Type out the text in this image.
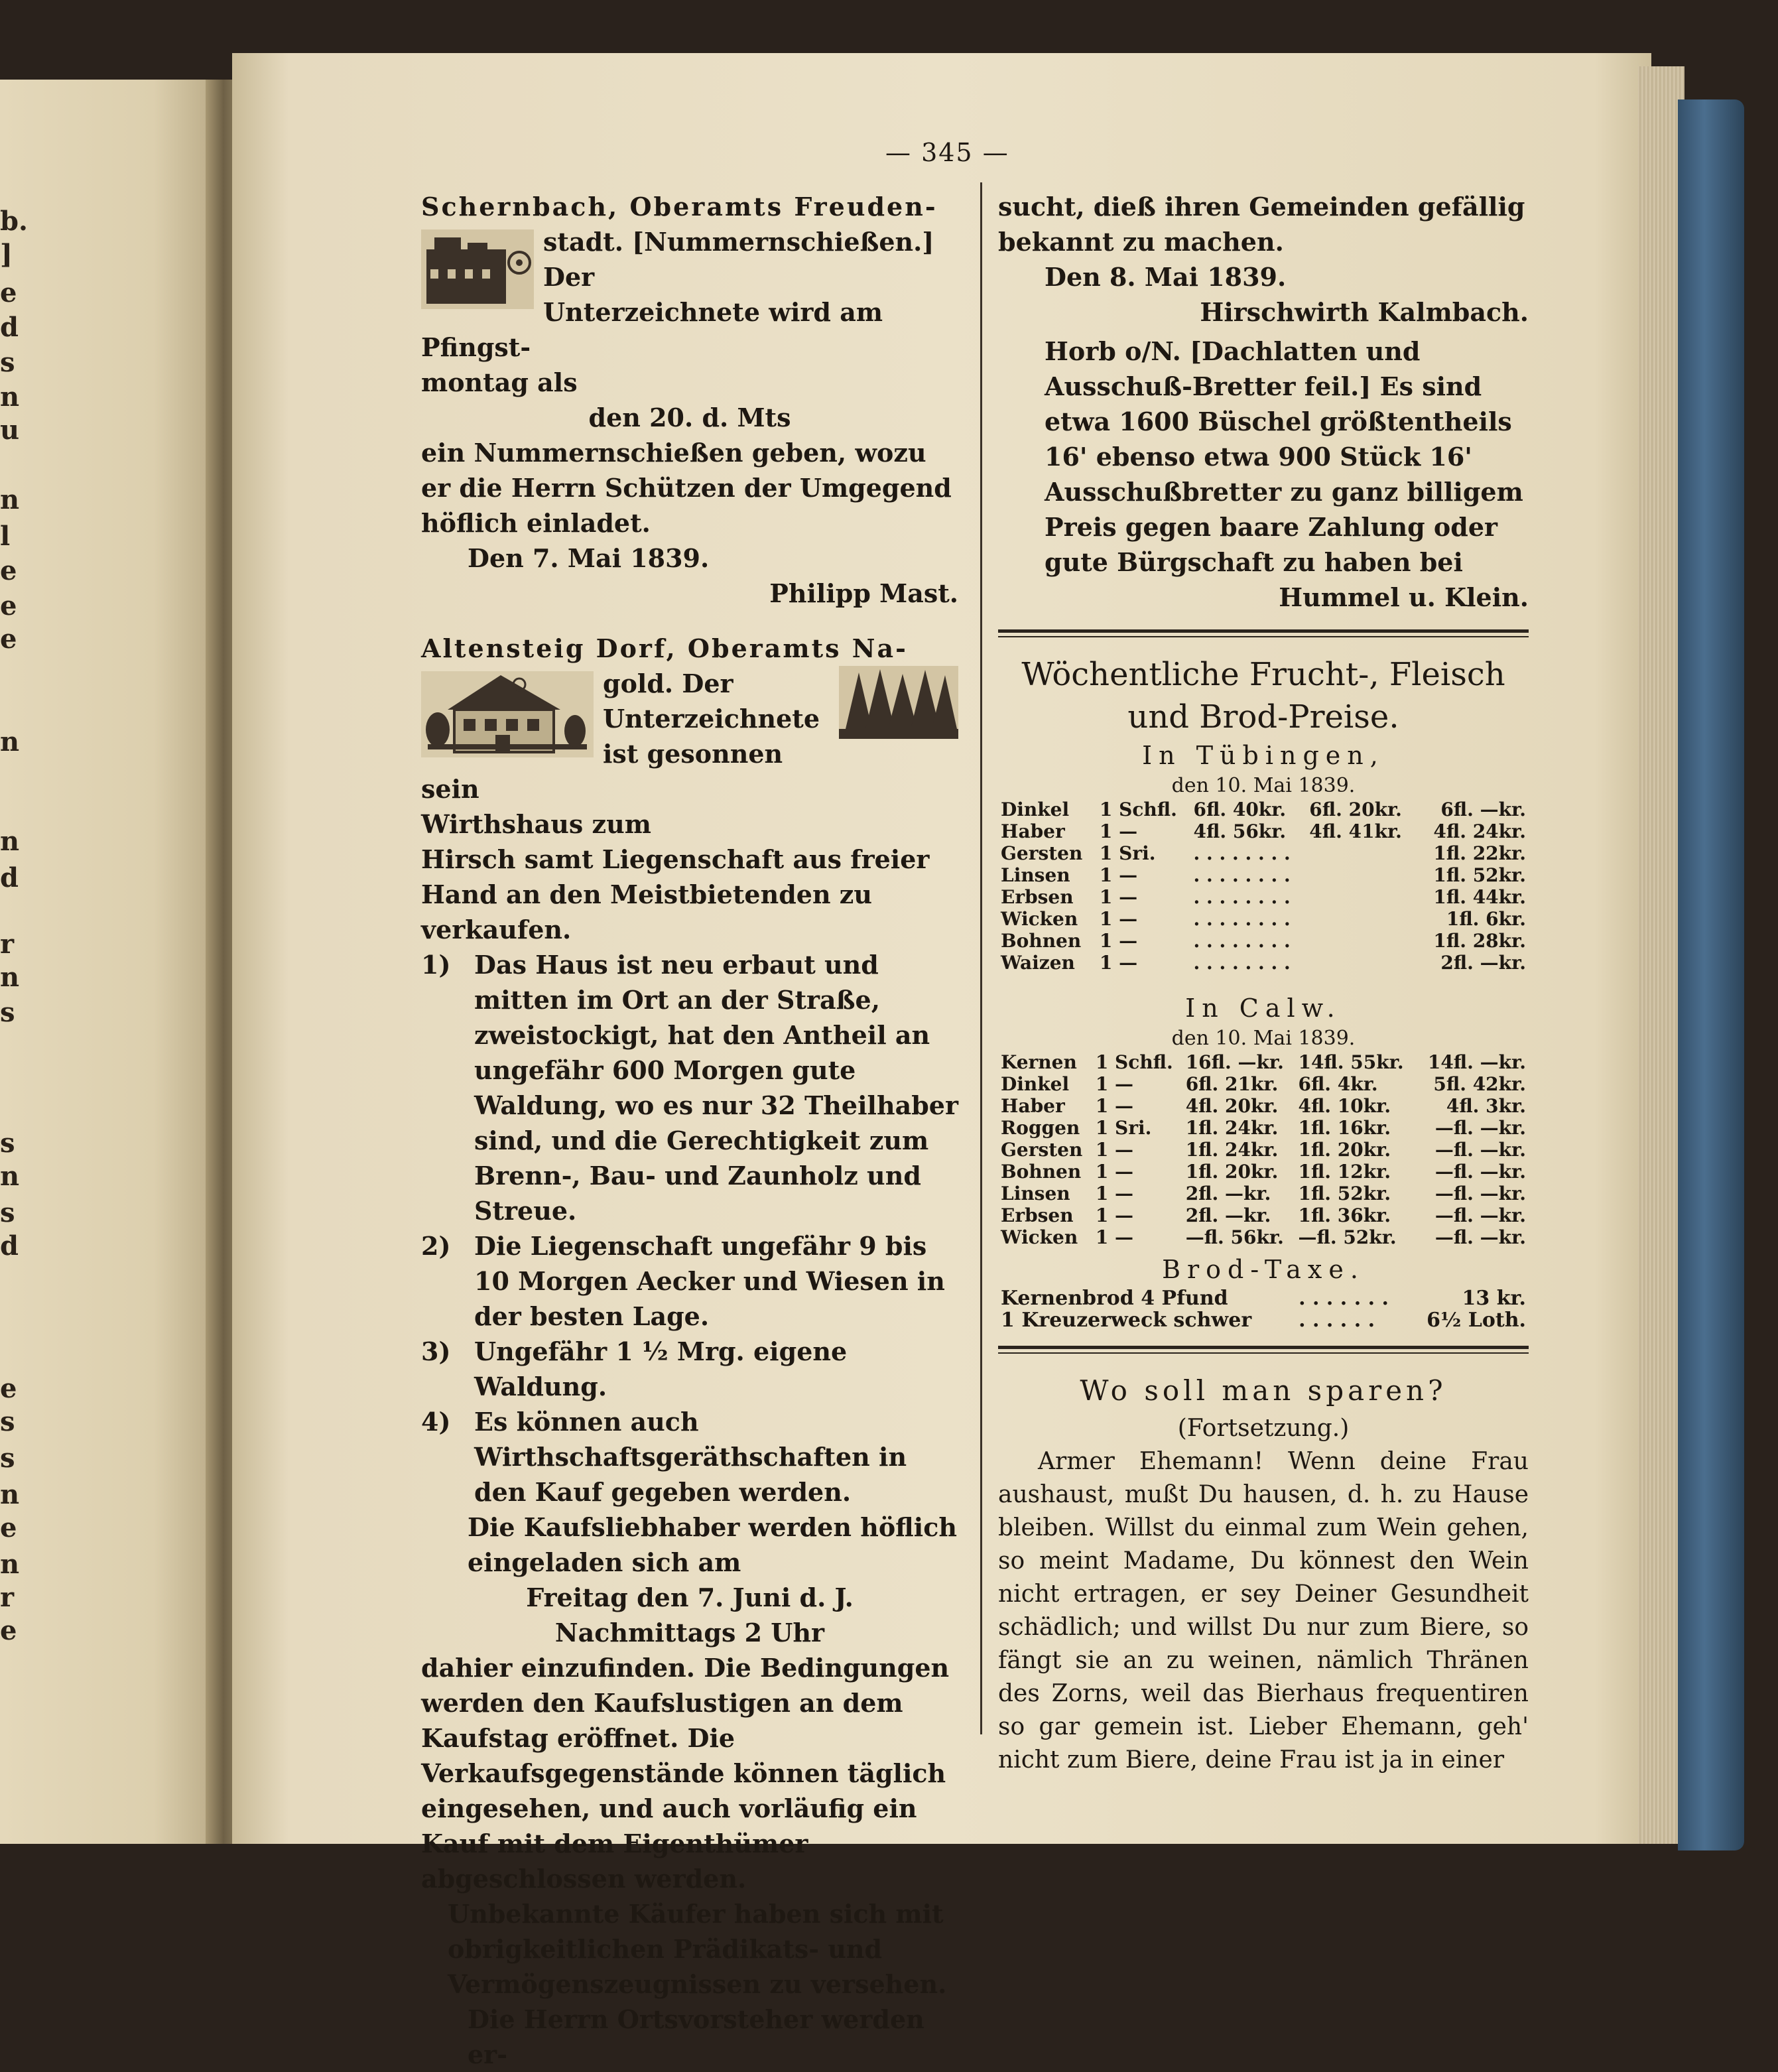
b.
]
e
d
s
n
u
n
l
e
e
e
n
n
d
r
n
s
s
n
s
d
e
s
s
n
e
n
r
e
— 345 —

Schernbach, Oberamts Freuden-

stadt. [Nummernschießen.] Der

Unterzeichnete wird am Pfingst-

montag als

den 20. d. Mts

ein Nummernschießen geben, wozu er die Herrn Schützen der Umgegend höflich einladet.

Den 7. Mai 1839.

Philipp Mast.

Altensteig Dorf, Oberamts Na-

gold. Der Unterzeichnete

ist gesonnen sein

Wirthshaus zum

Hirsch samt Liegenschaft aus freier Hand an den Meistbietenden zu verkaufen.

1) Das Haus ist neu erbaut und mitten im Ort an der Straße, zweistockigt, hat den Antheil an ungefähr 600 Morgen gute Waldung, wo es nur 32 Theilhaber sind, und die Gerechtigkeit zum Brenn-, Bau- und Zaunholz und Streue.
2) Die Liegenschaft ungefähr 9 bis 10 Morgen Aecker und Wiesen in der besten Lage.
3) Ungefähr 1 ½ Mrg. eigene Waldung.
4) Es können auch Wirthschaftsgeräthschaften in den Kauf gegeben werden.

Die Kaufsliebhaber werden höflich eingeladen sich am

Freitag den 7. Juni d. J.

Nachmittags 2 Uhr

dahier einzufinden. Die Bedingungen werden den Kaufslustigen an dem Kaufstag eröffnet. Die Verkaufsgegenstände können täglich eingesehen, und auch vorläufig ein Kauf mit dem Eigenthümer abgeschlossen werden.

Unbekannte Käufer haben sich mit obrigkeitlichen Prädikats- und Vermögenszeugnissen zu versehen.

Die Herrn Ortsvorsteher werden er-

sucht, dieß ihren Gemeinden gefällig bekannt zu machen.

Den 8. Mai 1839.

Hirschwirth Kalmbach.

Horb o/N. [Dachlatten und Ausschuß-Bretter feil.] Es sind etwa 1600 Büschel größtentheils 16' ebenso etwa 900 Stück 16' Ausschußbretter zu ganz billigem Preis gegen baare Zahlung oder gute Bürgschaft zu haben bei

Hummel u. Klein.

Wöchentliche Frucht-, Fleisch und Brod-Preise.

In Tübingen,

den 10. Mai 1839.

Dinkel	1 Schfl.	6fl. 40kr.	6fl. 20kr.	6fl. —kr.
Haber	1 —	4fl. 56kr.	4fl. 41kr.	4fl. 24kr.
Gersten	1 Sri.	. . . . . . . .		1fl. 22kr.
Linsen	1 —	. . . . . . . .		1fl. 52kr.
Erbsen	1 —	. . . . . . . .		1fl. 44kr.
Wicken	1 —	. . . . . . . .		1fl. 6kr.
Bohnen	1 —	. . . . . . . .		1fl. 28kr.
Waizen	1 —	. . . . . . . .		2fl. —kr.

In Calw.

den 10. Mai 1839.

Kernen	1 Schfl.	16fl. —kr.	14fl. 55kr.	14fl. —kr.
Dinkel	1 —	6fl. 21kr.	6fl. 4kr.	5fl. 42kr.
Haber	1 —	4fl. 20kr.	4fl. 10kr.	4fl. 3kr.
Roggen	1 Sri.	1fl. 24kr.	1fl. 16kr.	—fl. —kr.
Gersten	1 —	1fl. 24kr.	1fl. 20kr.	—fl. —kr.
Bohnen	1 —	1fl. 20kr.	1fl. 12kr.	—fl. —kr.
Linsen	1 —	2fl. —kr.	1fl. 52kr.	—fl. —kr.
Erbsen	1 —	2fl. —kr.	1fl. 36kr.	—fl. —kr.
Wicken	1 —	—fl. 56kr.	—fl. 52kr.	—fl. —kr.

Brod-Taxe.

Kernenbrod 4 Pfund	. . . . . . .	13 kr.
1 Kreuzerweck schwer	. . . . . .	6½ Loth.

Wo soll man sparen?

(Fortsetzung.)

Armer Ehemann! Wenn deine Frau aushaust, mußt Du hausen, d. h. zu Hause bleiben. Willst du einmal zum Wein gehen, so meint Madame, Du könnest den Wein nicht ertragen, er sey Deiner Gesundheit schädlich; und willst Du nur zum Biere, so fängt sie an zu weinen, nämlich Thränen des Zorns, weil das Bierhaus frequentiren so gar gemein ist. Lieber Ehemann, geh' nicht zum Biere, deine Frau ist ja in einer
